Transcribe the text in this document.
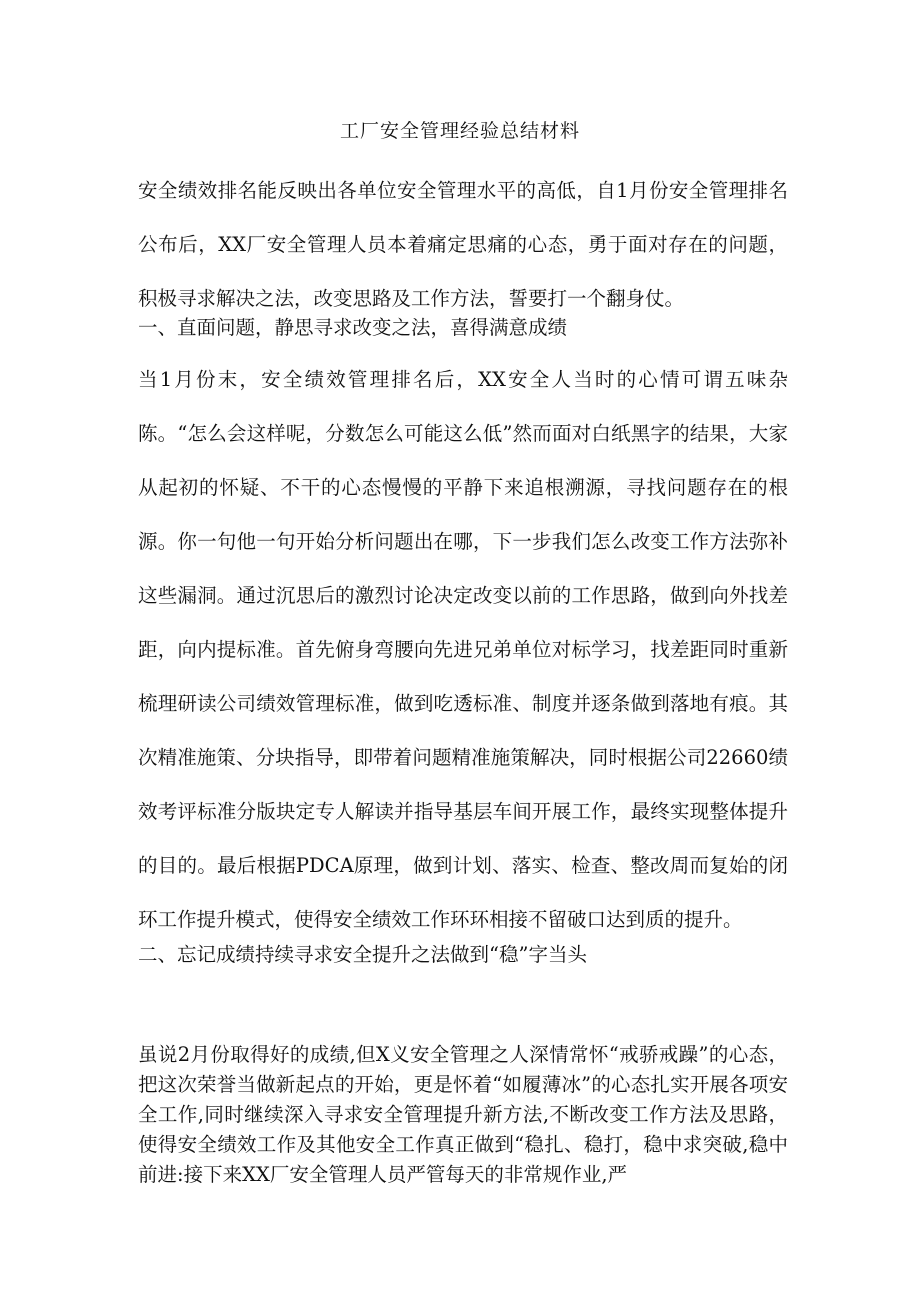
工厂安全管理经验总结材料
安全绩效排名能反映出各单位安全管理水平的高低，自1月份安全管理排名公布后，XX厂安全管理人员本着痛定思痛的心态，勇于面对存在的问题，积极寻求解决之法，改变思路及工作方法，誓要打一个翻身仗。
一、直面问题，静思寻求改变之法，喜得满意成绩
当1月份末，安全绩效管理排名后，XX安全人当时的心情可谓五味杂陈。“怎么会这样呢，分数怎么可能这么低”然而面对白纸黑字的结果，大家从起初的怀疑、不干的心态慢慢的平静下来追根溯源，寻找问题存在的根源。你一句他一句开始分析问题出在哪，下一步我们怎么改变工作方法弥补这些漏洞。通过沉思后的激烈讨论决定改变以前的工作思路，做到向外找差距，向内提标准。首先俯身弯腰向先进兄弟单位对标学习，找差距同时重新梳理研读公司绩效管理标准，做到吃透标准、制度并逐条做到落地有痕。其次精准施策、分块指导，即带着问题精准施策解决，同时根据公司22660绩效考评标准分版块定专人解读并指导基层车间开展工作，最终实现整体提升的目的。最后根据PDCA原理，做到计划、落实、检查、整改周而复始的闭环工作提升模式，使得安全绩效工作环环相接不留破口达到质的提升。
二、忘记成绩持续寻求安全提升之法做到“稳”字当头
虽说2月份取得好的成绩,但X义安全管理之人深情常怀“戒骄戒躁”的心态，把这次荣誉当做新起点的开始，更是怀着“如履薄冰”的心态扎实开展各项安全工作,同时继续深入寻求安全管理提升新方法,不断改变工作方法及思路，使得安全绩效工作及其他安全工作真正做到“稳扎、稳打，稳中求突破,稳中前进:接下来XX厂安全管理人员严管每天的非常规作业,严
